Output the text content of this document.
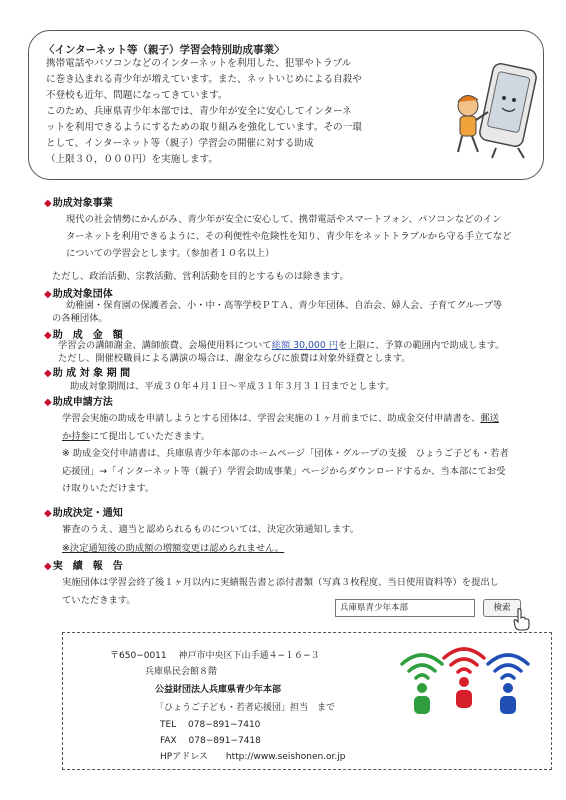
〈インターネット等（親子）学習会特別助成事業〉
携帯電話やパソコンなどのインターネットを利用した、犯罪やトラブル
に巻き込まれる青少年が増えています。また、ネットいじめによる自殺や
不登校も近年、問題になってきています。
このため、兵庫県青少年本部では、青少年が安全に安心してインターネ
ットを利用できるようにするための取り組みを強化しています。その一環
として、インターネット等（親子）学習会の開催に対する助成
（上限３０，０００円）を実施します。
◆助成対象事業
現代の社会情勢にかんがみ、青少年が安全に安心して、携帯電話やスマートフォン、パソコンなどのイン
ターネットを利用できるように、その利便性や危険性を知り、青少年をネットトラブルから守る手立てなど
についての学習会とします。（参加者１０名以上）
ただし、政治活動、宗教活動、営利活動を目的とするものは除きます。
◆助成対象団体
幼稚園・保育園の保護者会、小・中・高等学校ＰＴＡ、青少年団体、自治会、婦人会、子育てグループ等
の各種団体。
◆助　成　金　額
学習会の講師謝金、講師旅費、会場使用料について総額 30,000 円を上限に、予算の範囲内で助成します。
ただし、開催校職員による講演の場合は、謝金ならびに旅費は対象外経費とします。
◆助 成 対 象 期 間
助成対象期間は、平成３０年４月１日〜平成３１年３月３１日までとします。
◆助成申請方法
学習会実施の助成を申請しようとする団体は、学習会実施の１ヶ月前までに、助成金交付申請書を、郵送
か持参にて提出していただきます。
※ 助成金交付申請書は、兵庫県青少年本部のホームページ「団体・グループの支援　ひょうご子ども・若者
応援団」→「インターネット等（親子）学習会助成事業」ページからダウンロードするか、当本部にてお受
け取りいただけます。
◆助成決定・通知
審査のうえ、適当と認められるものについては、決定次第通知します。
※決定通知後の助成額の増額変更は認められません。
◆実　績　報　告
実施団体は学習会終了後１ヶ月以内に実績報告書と添付書類（写真３枚程度、当日使用資料等）を提出し
ていただきます。
兵庫県青少年本部	検索
〒650−0011　 神戸市中央区下山手通４−１６−３
兵庫県民会館８階
公益財団法人兵庫県青少年本部
「ひょうご子ども・若者応援団」担当　まで
TEL　 078−891−7410
FAX　 078−891−7418
HPアドレス　　http://www.seishonen.or.jp
